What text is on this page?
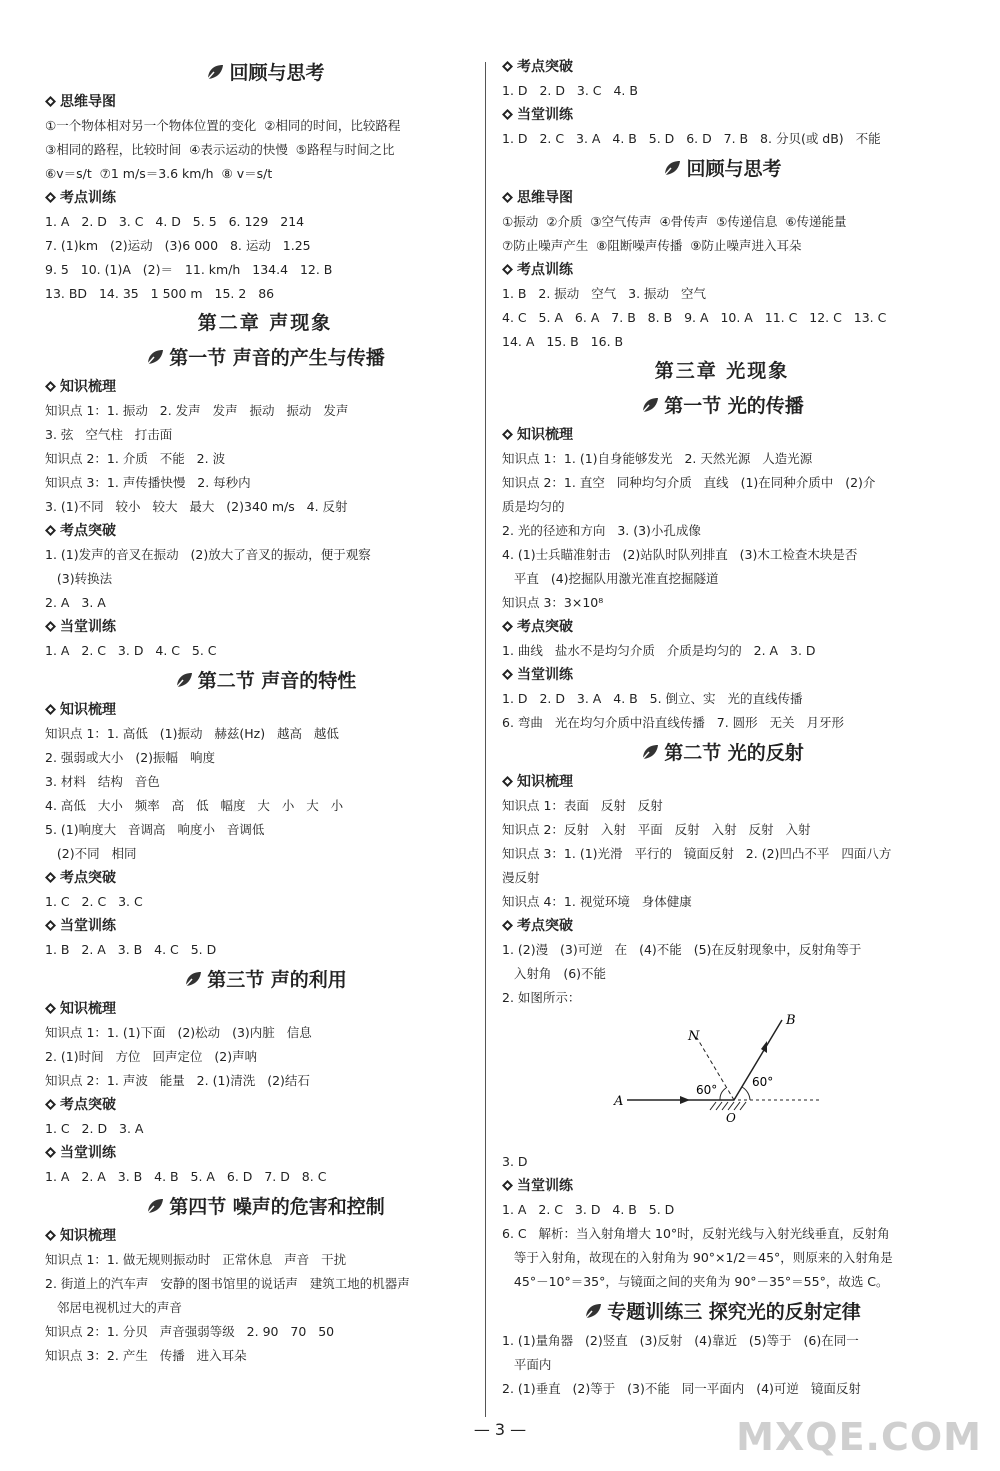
回顾与思考
思维导图
①一个物体相对另一个物体位置的变化  ②相同的时间，比较路程
③相同的路程，比较时间  ④表示运动的快慢  ⑤路程与时间之比
⑥v＝s/t  ⑦1 m/s＝3.6 km/h  ⑧ v＝s/t
考点训练
1. A   2. D   3. C   4. D   5. 5   6. 129   214
7. (1)km   (2)运动   (3)6 000   8. 运动   1.25
9. 5   10. (1)A   (2)＝   11. km/h   134.4   12. B
13. BD   14. 35   1 500 m   15. 2   86
第二章 声现象
第一节 声音的产生与传播
知识梳理
知识点 1：1. 振动   2. 发声   发声   振动   振动   发声
3. 弦   空气柱   打击面
知识点 2：1. 介质   不能   2. 波
知识点 3：1. 声传播快慢   2. 每秒内
3. (1)不同   较小   较大   最大   (2)340 m/s   4. 反射
考点突破
1. (1)发声的音叉在振动   (2)放大了音叉的振动，便于观察
(3)转换法
2. A   3. A
当堂训练
1. A   2. C   3. D   4. C   5. C
第二节 声音的特性
知识梳理
知识点 1：1. 高低   (1)振动   赫兹(Hz)   越高   越低
2. 强弱或大小   (2)振幅   响度
3. 材料   结构   音色
4. 高低   大小   频率   高   低   幅度   大   小   大   小
5. (1)响度大   音调高   响度小   音调低
(2)不同   相同
考点突破
1. C   2. C   3. C
当堂训练
1. B   2. A   3. B   4. C   5. D
第三节 声的利用
知识梳理
知识点 1：1. (1)下面   (2)松动   (3)内脏   信息
2. (1)时间   方位   回声定位   (2)声呐
知识点 2：1. 声波   能量   2. (1)清洗   (2)结石
考点突破
1. C   2. D   3. A
当堂训练
1. A   2. A   3. B   4. B   5. A   6. D   7. D   8. C
第四节 噪声的危害和控制
知识梳理
知识点 1：1. 做无规则振动时   正常休息   声音   干扰
2. 街道上的汽车声   安静的图书馆里的说话声   建筑工地的机器声
邻居电视机过大的声音
知识点 2：1. 分贝   声音强弱等级   2. 90   70   50
知识点 3：2. 产生   传播   进入耳朵
考点突破
1. D   2. D   3. C   4. B
当堂训练
1. D   2. C   3. A   4. B   5. D   6. D   7. B   8. 分贝(或 dB)   不能
回顾与思考
思维导图
①振动  ②介质  ③空气传声  ④骨传声  ⑤传递信息  ⑥传递能量
⑦防止噪声产生  ⑧阻断噪声传播  ⑨防止噪声进入耳朵
考点训练
1. B   2. 振动   空气   3. 振动   空气
4. C   5. A   6. A   7. B   8. B   9. A   10. A   11. C   12. C   13. C
14. A   15. B   16. B
第三章 光现象
第一节 光的传播
知识梳理
知识点 1：1. (1)自身能够发光   2. 天然光源   人造光源
知识点 2：1. 直空   同种均匀介质   直线   (1)在同种介质中   (2)介
质是均匀的
2. 光的径迹和方向   3. (3)小孔成像
4. (1)士兵瞄准射击   (2)站队时队列排直   (3)木工检查木块是否
平直   (4)挖掘队用激光准直挖掘隧道
知识点 3：3×10⁸
考点突破
1. 曲线   盐水不是均匀介质   介质是均匀的   2. A   3. D
当堂训练
1. D   2. D   3. A   4. B   5. 倒立、实   光的直线传播
6. 弯曲   光在均匀介质中沿直线传播   7. 圆形   无关   月牙形
第二节 光的反射
知识梳理
知识点 1：表面   反射   反射
知识点 2：反射   入射   平面   反射   入射   反射   入射
知识点 3：1. (1)光滑   平行的   镜面反射   2. (2)凹凸不平   四面八方
漫反射
知识点 4：1. 视觉环境   身体健康
考点突破
1. (2)漫   (3)可逆   在   (4)不能   (5)在反射现象中，反射角等于
入射角   (6)不能
2. 如图所示：
N
B
A
O
60°
60°
3. D
当堂训练
1. A   2. C   3. D   4. B   5. D
6. C   解析：当入射角增大 10°时，反射光线与入射光线垂直，反射角
等于入射角，故现在的入射角为 90°×1/2＝45°，则原来的入射角是
45°－10°＝35°，与镜面之间的夹角为 90°－35°＝55°，故选 C。
专题训练三 探究光的反射定律
1. (1)量角器   (2)竖直   (3)反射   (4)靠近   (5)等于   (6)在同一
平面内
2. (1)垂直   (2)等于   (3)不能   同一平面内   (4)可逆   镜面反射
— 3 —	MXQE.COM
